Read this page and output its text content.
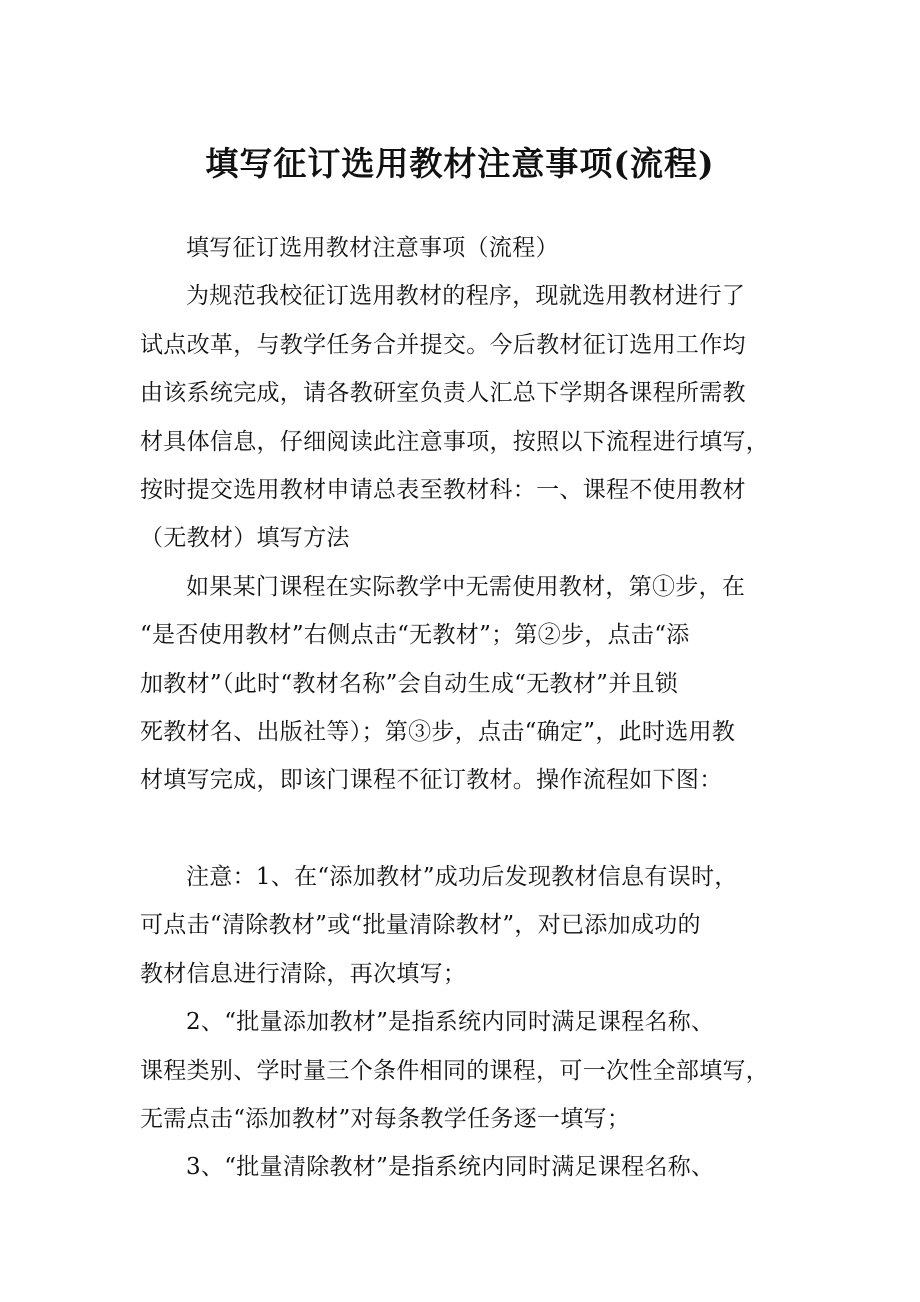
填写征订选用教材注意事项(流程)
填写征订选用教材注意事项（流程）
为规范我校征订选用教材的程序，现就选用教材进行了
试点改革，与教学任务合并提交。今后教材征订选用工作均
由该系统完成，请各教研室负责人汇总下学期各课程所需教
材具体信息，仔细阅读此注意事项，按照以下流程进行填写，
按时提交选用教材申请总表至教材科：一、课程不使用教材
（无教材）填写方法
如果某门课程在实际教学中无需使用教材，第①步，在
“是否使用教材”右侧点击“无教材”；第②步，点击“添
加教材”（此时“教材名称”会自动生成“无教材”并且锁
死教材名、出版社等）；第③步，点击“确定”，此时选用教
材填写完成，即该门课程不征订教材。操作流程如下图：
注意：1、在“添加教材”成功后发现教材信息有误时，
可点击“清除教材”或“批量清除教材”，对已添加成功的
教材信息进行清除，再次填写；
2、“批量添加教材”是指系统内同时满足课程名称、
课程类别、学时量三个条件相同的课程，可一次性全部填写，
无需点击“添加教材”对每条教学任务逐一填写；
3、“批量清除教材”是指系统内同时满足课程名称、
